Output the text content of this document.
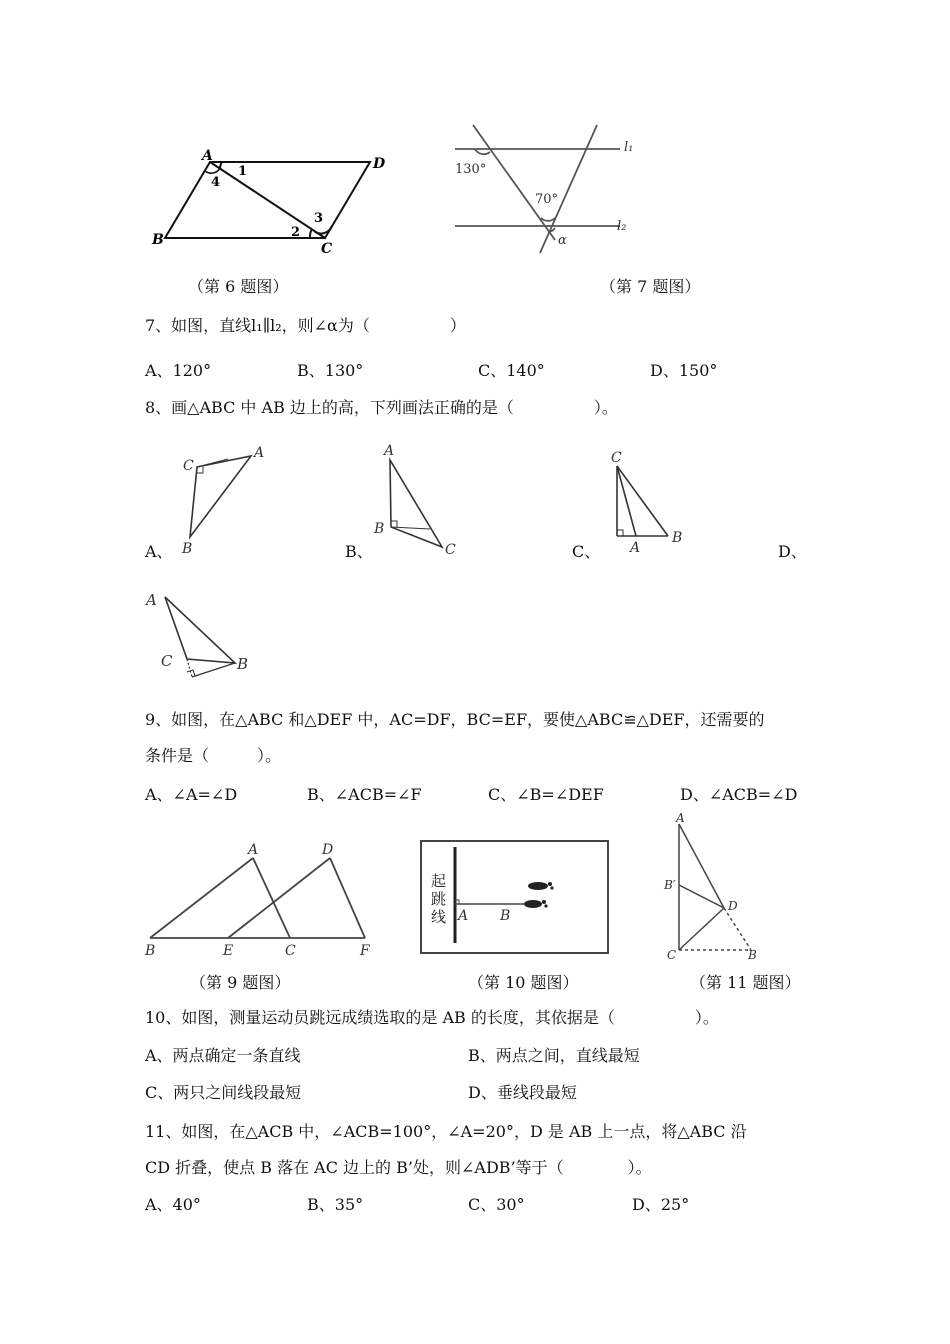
A	D
B
C
1
4
2
3
（第 6 题图）
130°
70°
α
l₁
l₂
（第 7 题图）
7、如图，直线l₁∥l₂，则∠α为（　　　　　）
A、120°	B、130°	C、140°	D、150°
8、画△ABC 中 AB 边上的高，下列画法正确的是（　　　　　）。
A、
C
A
B	B、
A
B
C	C、
C
A
B
D、
A
C	B
9、如图，在△ABC 和△DEF 中，AC=DF，BC=EF，要使△ABC≌△DEF，还需要的
条件是（　　　）。
A、∠A=∠D	B、∠ACB=∠F	C、∠B=∠DEF	D、∠ACB=∠D
A	D
B	E	C	F
（第 9 题图）
起
跳
线 A B
（第 10 题图）
A
B′
D
C	B
（第 11 题图）
10、如图，测量运动员跳远成绩选取的是 AB 的长度，其依据是（　　　　　）。
A、两点确定一条直线	B、两点之间，直线最短
C、两只之间线段最短	D、垂线段最短
11、如图，在△ACB 中，∠ACB=100°，∠A=20°，D 是 AB 上一点，将△ABC 沿
CD 折叠，使点 B 落在 AC 边上的 B’处，则∠ADB’等于（　　　　）。
A、40°	B、35°	C、30°	D、25°
